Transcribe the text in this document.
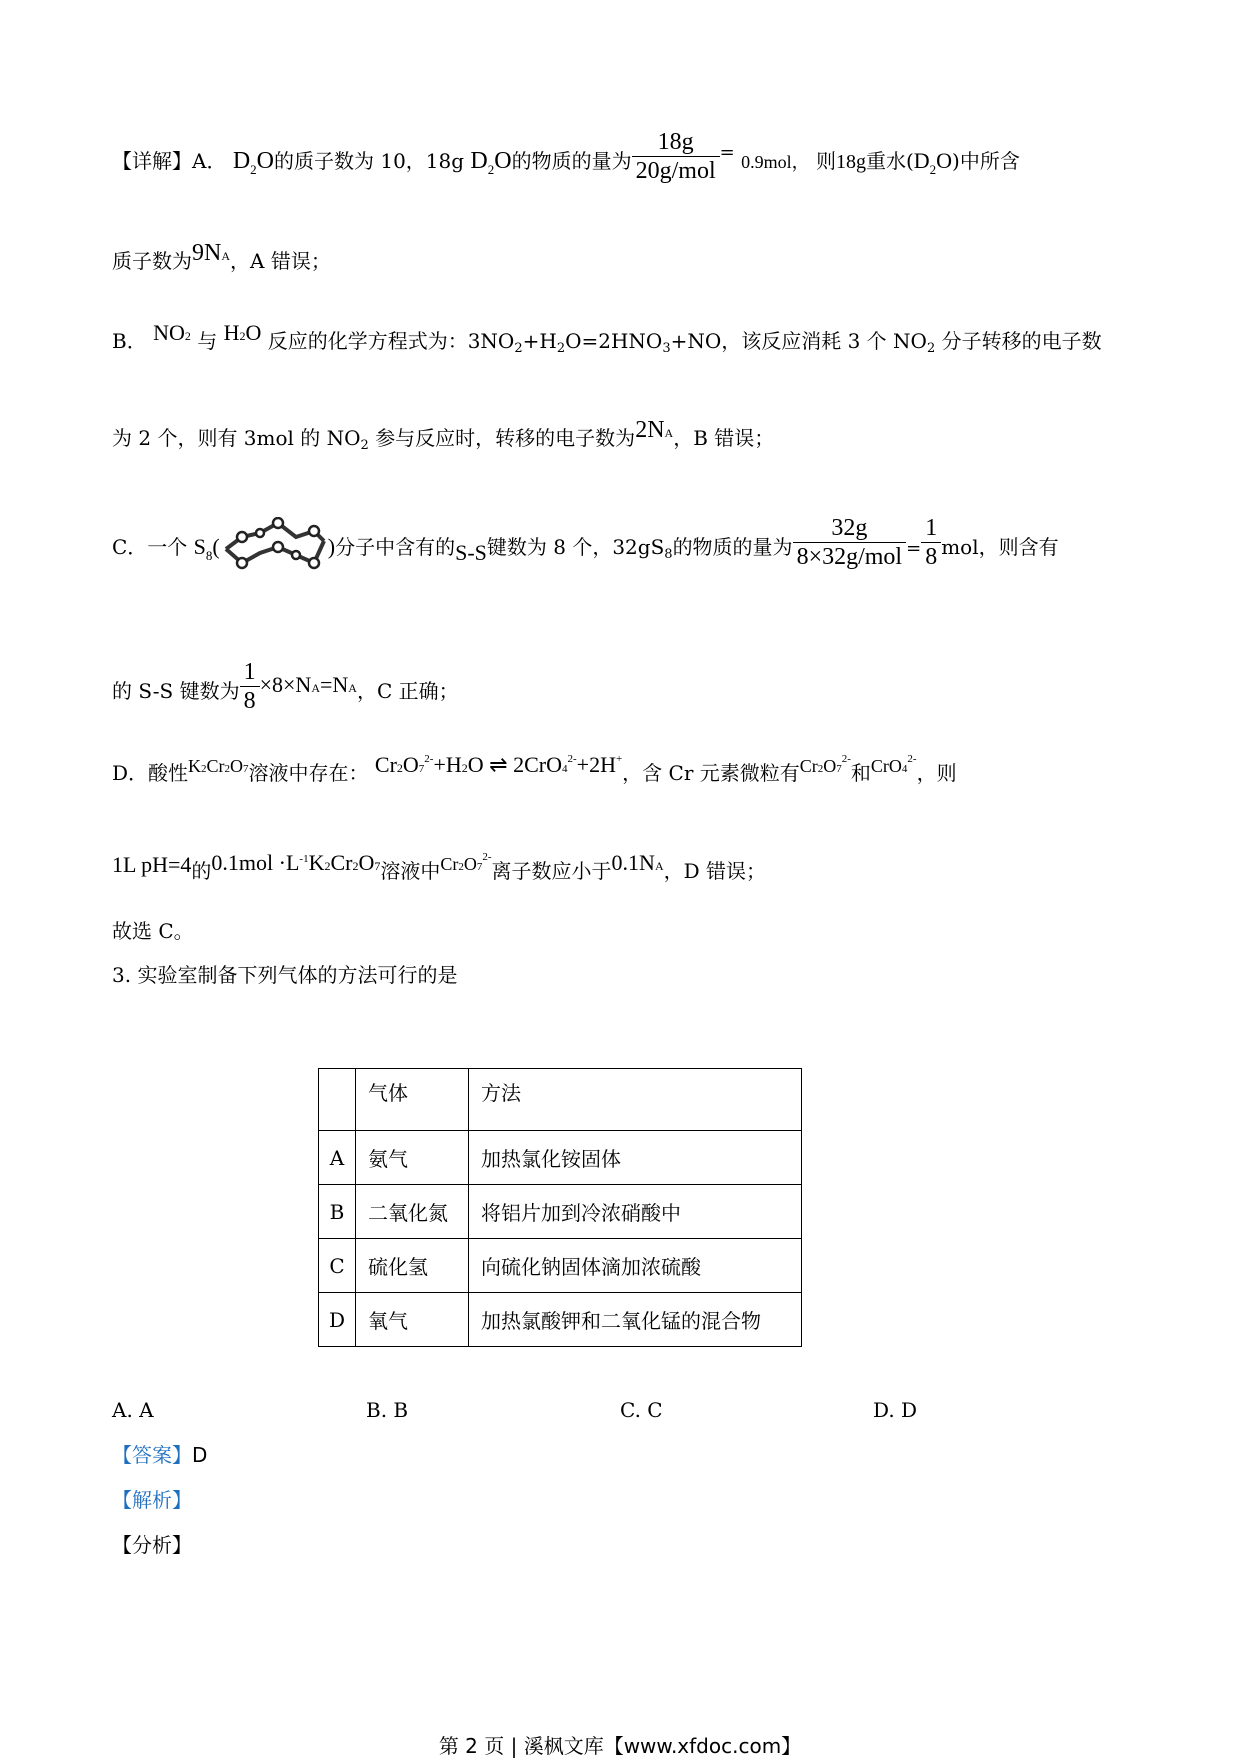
【详解】A． $D_2O$的质子数为 10，18g $D_2O$的物质的量为 $\frac{18g}{\text{20g/mol}} = 0.9mol$， 则18g重水$(D_2O)$中所含
质子数为9NA，A 错误；
B． NO2 与 H2O 反应的化学方程式为：$3NO_2+H_2O=2HNO_3+NO$，该反应消耗 3 个 $NO_2$ 分子转移的电子数
为 2 个，则有 3mol 的 $NO_2$ 参与反应时，转移的电子数为2NA，B 错误；
C．一个 $S_8$(	)分子中含有的S-S键数为 8 个，$32gS_8$的物质的量为 $\frac{32g}{\text{8×32g/mol}} = \frac{1}{8}$ mol，则含有
的 S-S 键数为 $\frac{1}{8} \times 8\times NA=NA$，C 正确；
D．酸性K2Cr2O7溶液中存在： $Cr2O7^{2-}+H2O$ ⇌ $2CrO4^{2-}+2H^+$，含 Cr 元素微粒有$Cr2O7^{2-}$和$CrO4^{2-}$，则
1L pH=4的$0.1mol \cdot L^{-1}K2Cr2O7$溶液中$Cr2O7^{2-}$离子数应小于0.1NA，D 错误；
故选 C。
3. 实验室制备下列气体的方法可行的是
	气体	方法
A	氨气	加热氯化铵固体
B	二氧化氮	将铝片加到冷浓硝酸中
C	硫化氢	向硫化钠固体滴加浓硫酸
D	氧气	加热氯酸钾和二氧化锰的混合物
A. A	B. B	C. C	D. D
【答案】D
【解析】
【分析】
第 2 页 | 溪枫文库【www.xfdoc.com】
